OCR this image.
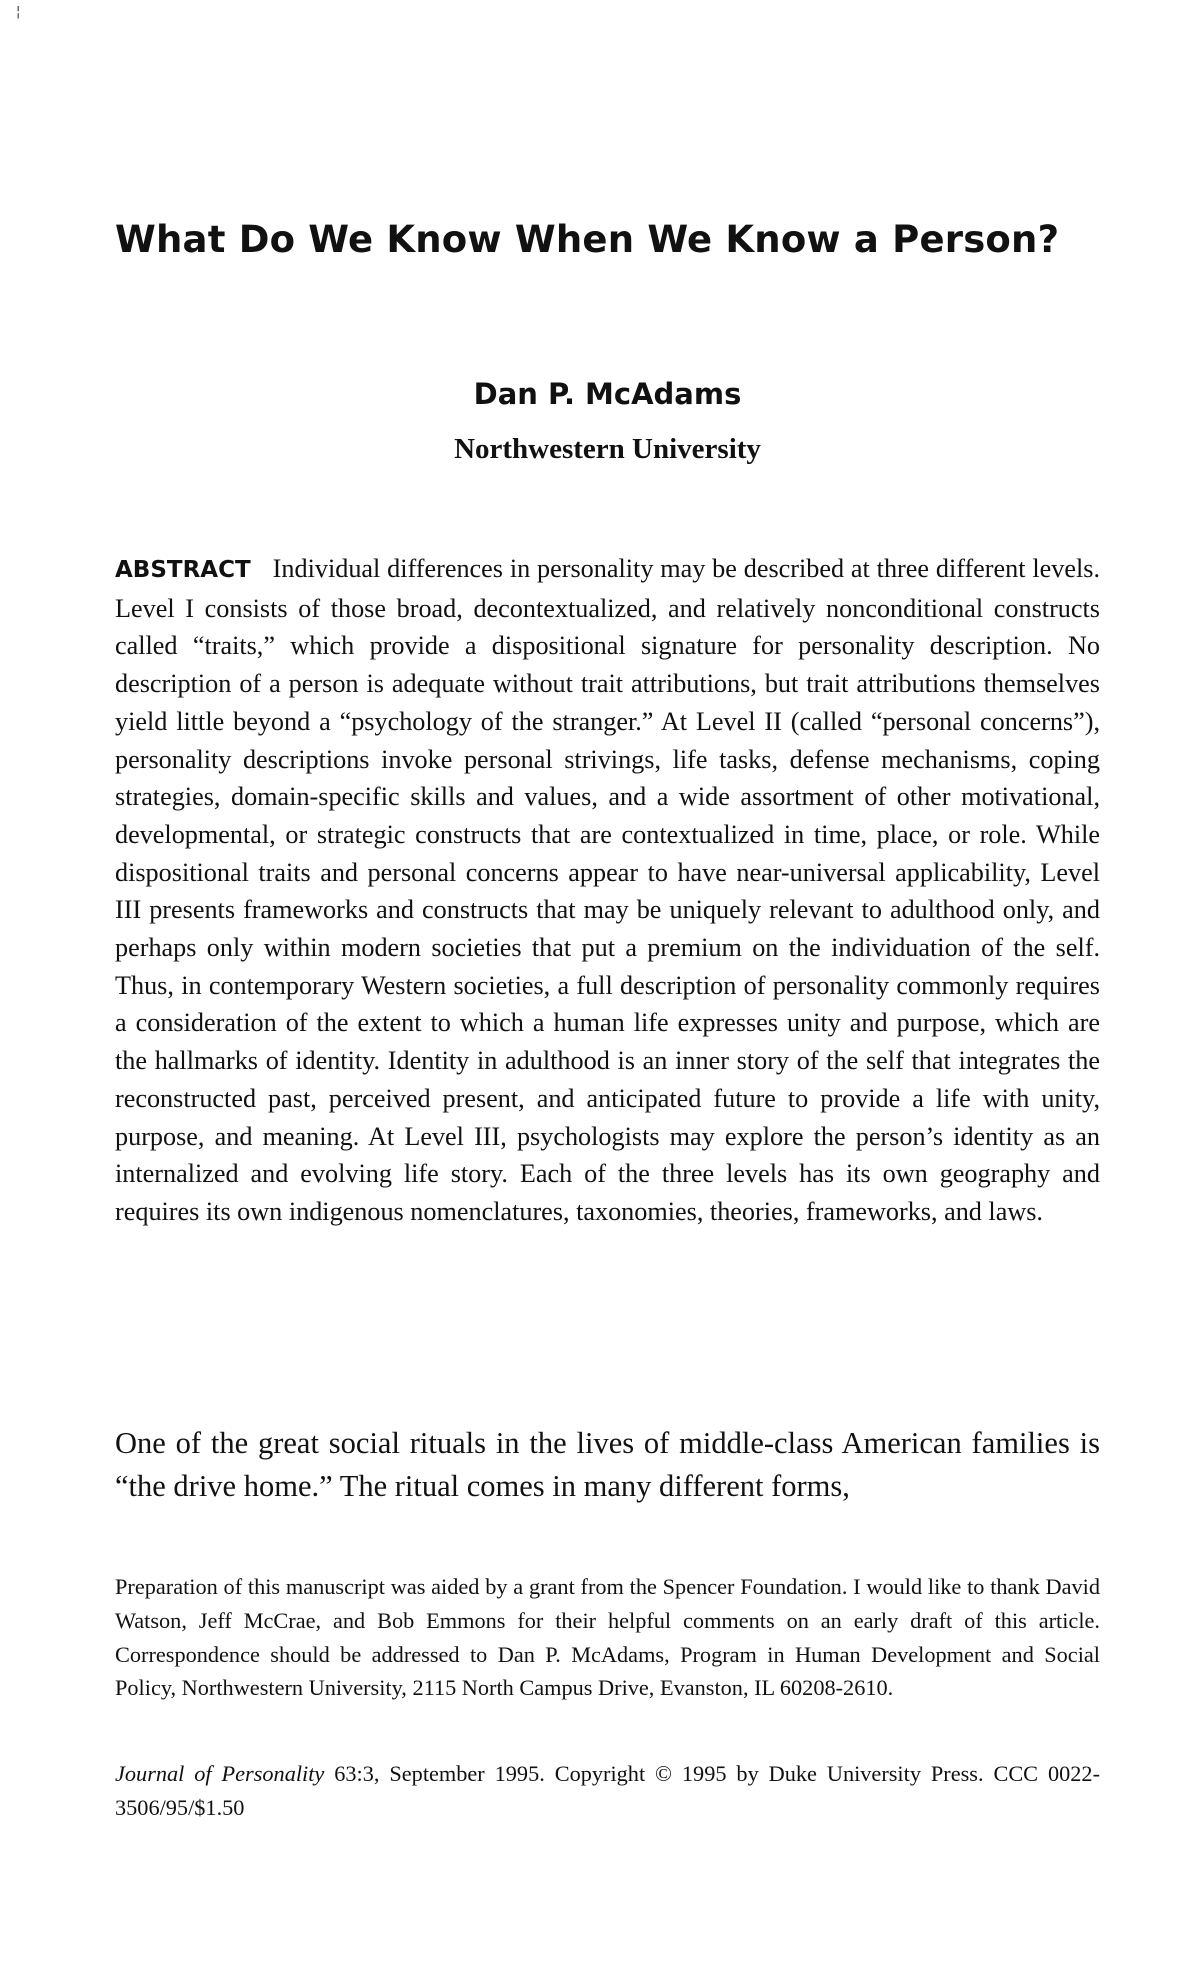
¦
What Do We Know When We Know a Person?
Dan P. McAdams
Northwestern University

ABSTRACT Individual differences in personality may be described at three different levels. Level I consists of those broad, decontextualized, and relatively nonconditional constructs called “traits,” which provide a dispositional signature for personality description. No description of a person is adequate without trait attributions, but trait attributions themselves yield little beyond a “psychology of the stranger.” At Level II (called “personal concerns”), personality descriptions invoke personal strivings, life tasks, defense mechanisms, coping strategies, domain-specific skills and values, and a wide assortment of other motivational, developmental, or strategic constructs that are contextualized in time, place, or role. While dispositional traits and personal concerns appear to have near-universal applicability, Level III presents frameworks and constructs that may be uniquely relevant to adulthood only, and perhaps only within modern societies that put a premium on the individuation of the self. Thus, in contemporary Western societies, a full description of personality commonly requires a consideration of the extent to which a human life expresses unity and purpose, which are the hallmarks of identity. Identity in adulthood is an inner story of the self that integrates the reconstructed past, perceived present, and anticipated future to provide a life with unity, purpose, and meaning. At Level III, psychologists may explore the person’s identity as an internalized and evolving life story. Each of the three levels has its own geography and requires its own indigenous nomenclatures, taxonomies, theories, frameworks, and laws.

One of the great social rituals in the lives of middle-class American families is “the drive home.” The ritual comes in many different forms,

Preparation of this manuscript was aided by a grant from the Spencer Foundation. I would like to thank David Watson, Jeff McCrae, and Bob Emmons for their helpful comments on an early draft of this article. Correspondence should be addressed to Dan P. McAdams, Program in Human Development and Social Policy, Northwestern University, 2115 North Campus Drive, Evanston, IL 60208-2610.

Journal of Personality 63:3, September 1995. Copyright © 1995 by Duke University Press. CCC 0022-3506/95/$1.50
